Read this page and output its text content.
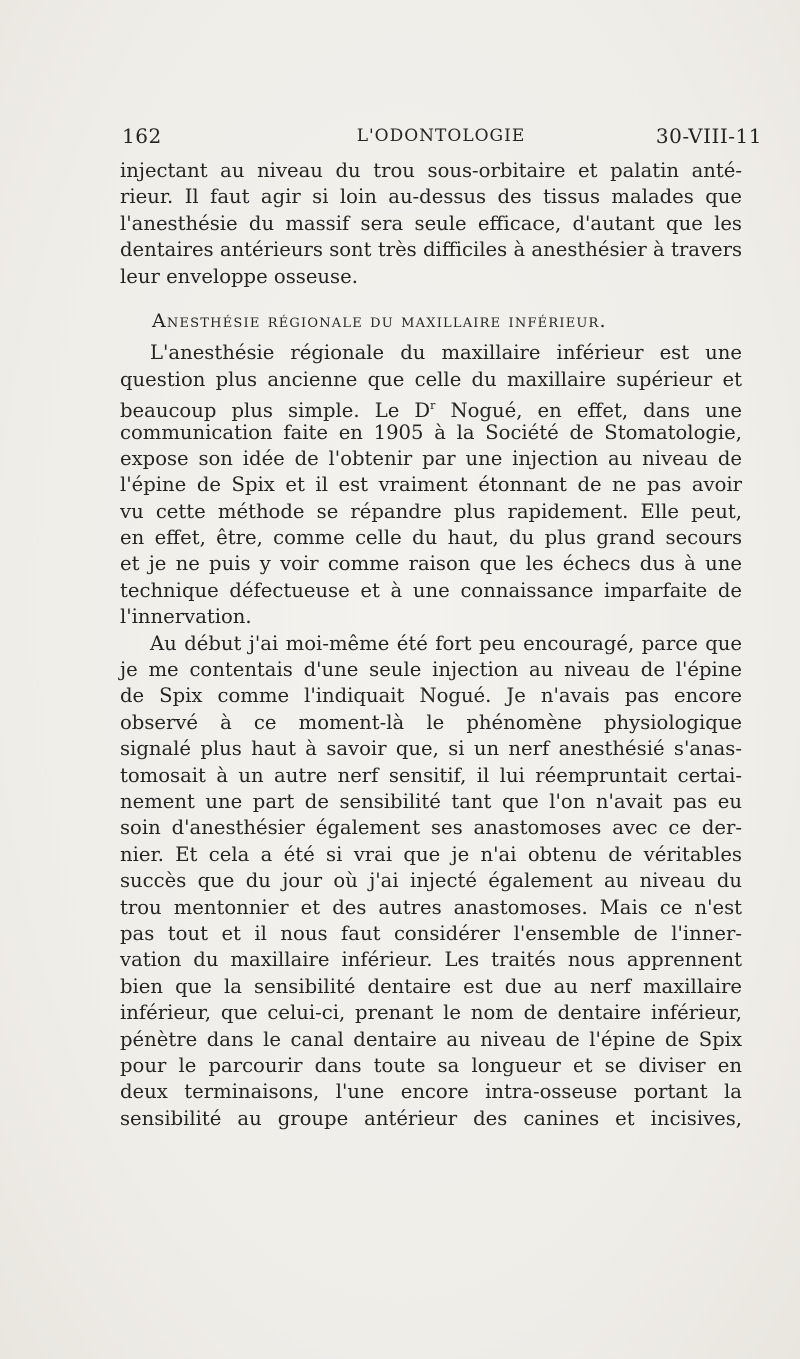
162	L'ODONTOLOGIE	30-VIII-11
injectant au niveau du trou sous-orbitaire et palatin anté-
rieur. Il faut agir si loin au-dessus des tissus malades que
l'anesthésie du massif sera seule efficace, d'autant que les
dentaires antérieurs sont très difficiles à anesthésier à travers
leur enveloppe osseuse.
Anesthésie régionale du maxillaire inférieur.
L'anesthésie régionale du maxillaire inférieur est une
question plus ancienne que celle du maxillaire supérieur et
beaucoup plus simple. Le $D^r$ Nogué, en effet, dans une
communication faite en 1905 à la Société de Stomatologie,
expose son idée de l'obtenir par une injection au niveau de
l'épine de Spix et il est vraiment étonnant de ne pas avoir
vu cette méthode se répandre plus rapidement. Elle peut,
en effet, être, comme celle du haut, du plus grand secours
et je ne puis y voir comme raison que les échecs dus à une
technique défectueuse et à une connaissance imparfaite de
l'innervation.
Au début j'ai moi-même été fort peu encouragé, parce que
je me contentais d'une seule injection au niveau de l'épine
de Spix comme l'indiquait Nogué. Je n'avais pas encore
observé à ce moment-là le phénomène physiologique
signalé plus haut à savoir que, si un nerf anesthésié s'anas-
tomosait à un autre nerf sensitif, il lui réempruntait certai-
nement une part de sensibilité tant que l'on n'avait pas eu
soin d'anesthésier également ses anastomoses avec ce der-
nier. Et cela a été si vrai que je n'ai obtenu de véritables
succès que du jour où j'ai injecté également au niveau du
trou mentonnier et des autres anastomoses. Mais ce n'est
pas tout et il nous faut considérer l'ensemble de l'inner-
vation du maxillaire inférieur. Les traités nous apprennent
bien que la sensibilité dentaire est due au nerf maxillaire
inférieur, que celui-ci, prenant le nom de dentaire inférieur,
pénètre dans le canal dentaire au niveau de l'épine de Spix
pour le parcourir dans toute sa longueur et se diviser en
deux terminaisons, l'une encore intra-osseuse portant la
sensibilité au groupe antérieur des canines et incisives,
